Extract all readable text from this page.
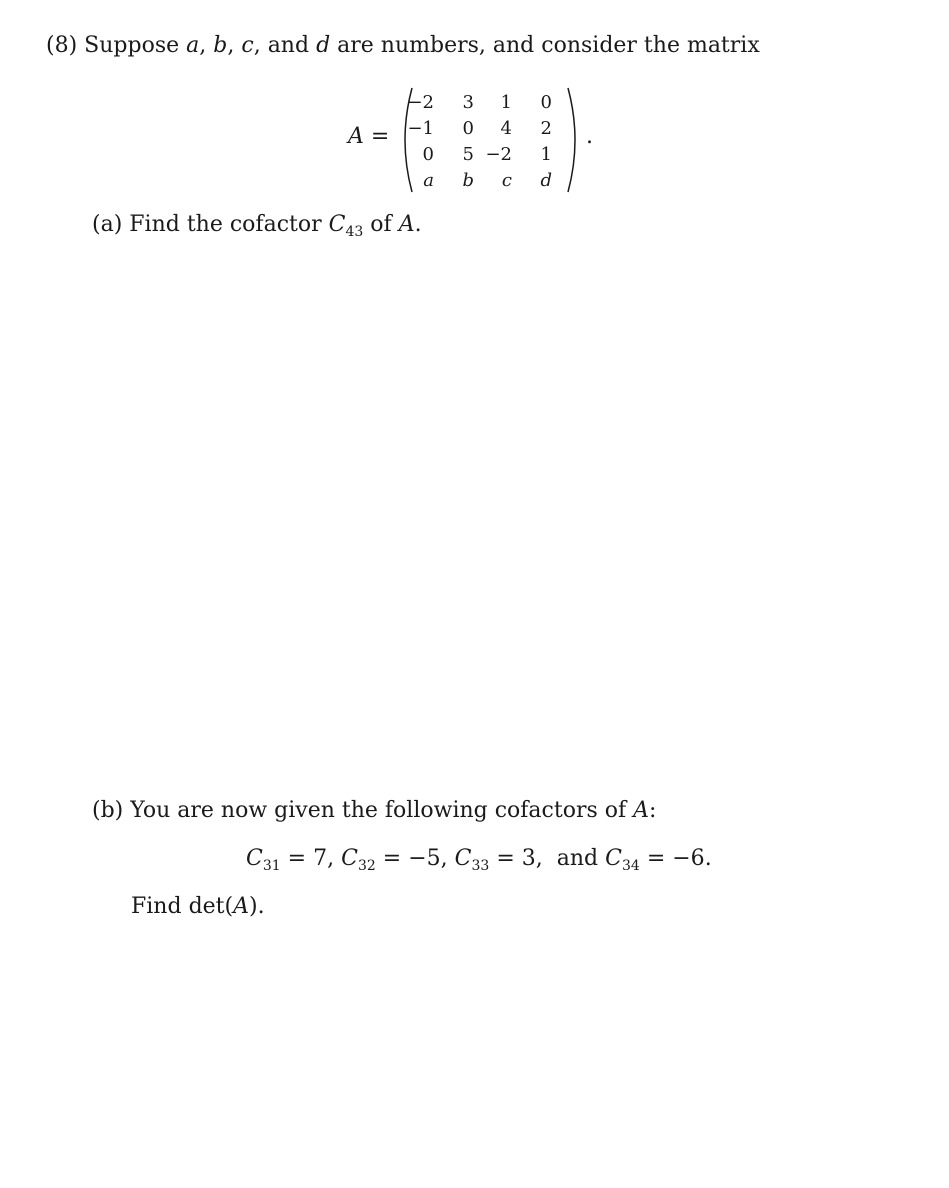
(8) Suppose a, b, c, and d are numbers, and consider the matrix
A =
−2 3 1 0
−1 0 4 2
0 5 −2 1
a b c d
.
(a) Find the cofactor $C_{43}$ of A.
(b) You are now given the following cofactors of A:
$C_{31} = 7$, $C_{32} = -5$, $C_{33} = 3$, and $C_{34} = -6$.
Find det(A).
